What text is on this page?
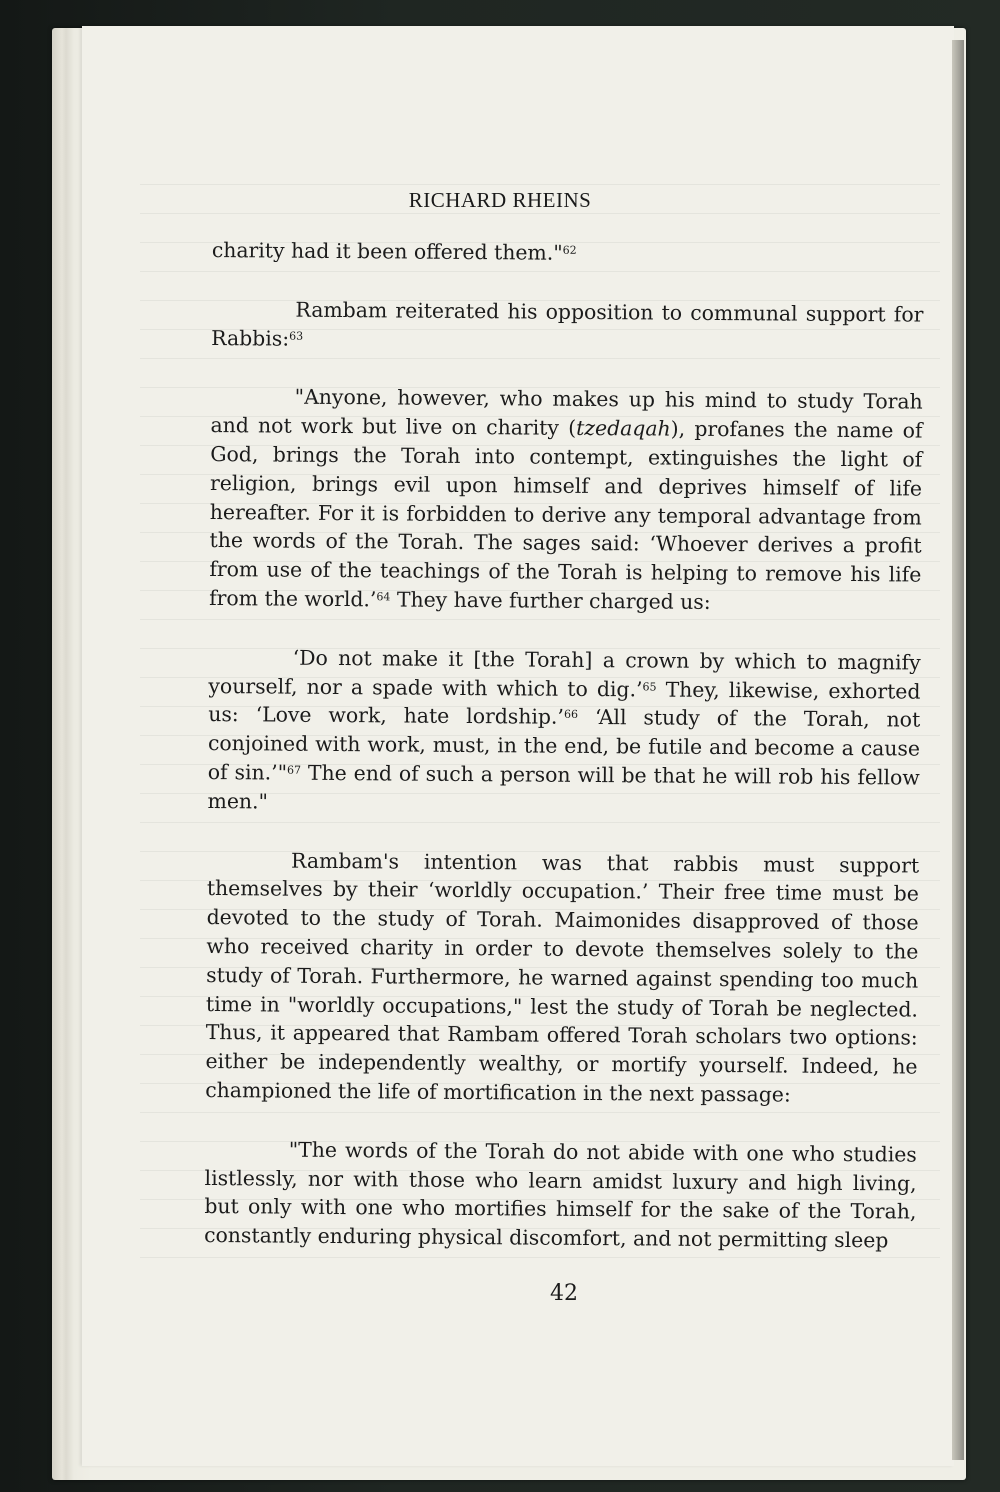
RICHARD RHEINS

charity had it been offered them."$^{62}$

Rambam reiterated his opposition to communal support for Rabbis:$^{63}$

"Anyone, however, who makes up his mind to study Torah and not work but live on charity (tzedaqah), profanes the name of God, brings the Torah into contempt, extinguishes the light of religion, brings evil upon himself and deprives himself of life hereafter. For it is forbidden to derive any temporal advantage from the words of the Torah. The sages said: ‘Whoever derives a profit from use of the teachings of the Torah is helping to remove his life from the world.’$^{64}$ They have further charged us:

‘Do not make it [the Torah] a crown by which to magnify yourself, nor a spade with which to dig.’$^{65}$ They, likewise, exhorted us: ‘Love work, hate lordship.’$^{66}$ ‘All study of the Torah, not conjoined with work, must, in the end, be futile and become a cause of sin.’"$^{67}$ The end of such a person will be that he will rob his fellow men."

Rambam's intention was that rabbis must support themselves by their ‘worldly occupation.’ Their free time must be devoted to the study of Torah. Maimonides disapproved of those who received charity in order to devote themselves solely to the study of Torah. Furthermore, he warned against spending too much time in "worldly occupations," lest the study of Torah be neglected. Thus, it appeared that Rambam offered Torah scholars two options: either be independently wealthy, or mortify yourself. Indeed, he championed the life of mortification in the next passage:

"The words of the Torah do not abide with one who studies listlessly, nor with those who learn amidst luxury and high living, but only with one who mortifies himself for the sake of the Torah, constantly enduring physical discomfort, and not permitting sleep

42
